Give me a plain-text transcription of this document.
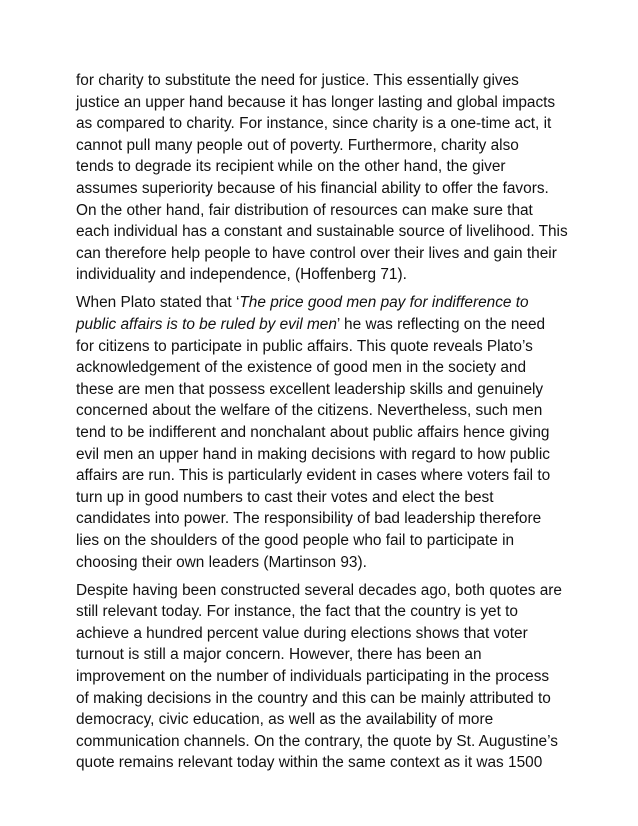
for charity to substitute the need for justice. This essentially gives
justice an upper hand because it has longer lasting and global impacts
as compared to charity. For instance, since charity is a one-time act, it
cannot pull many people out of poverty. Furthermore, charity also
tends to degrade its recipient while on the other hand, the giver
assumes superiority because of his financial ability to offer the favors.
On the other hand, fair distribution of resources can make sure that
each individual has a constant and sustainable source of livelihood. This
can therefore help people to have control over their lives and gain their
individuality and independence, (Hoffenberg 71).

When Plato stated that ‘The price good men pay for indifference to
public affairs is to be ruled by evil men’ he was reflecting on the need
for citizens to participate in public affairs. This quote reveals Plato’s
acknowledgement of the existence of good men in the society and
these are men that possess excellent leadership skills and genuinely
concerned about the welfare of the citizens. Nevertheless, such men
tend to be indifferent and nonchalant about public affairs hence giving
evil men an upper hand in making decisions with regard to how public
affairs are run. This is particularly evident in cases where voters fail to
turn up in good numbers to cast their votes and elect the best
candidates into power. The responsibility of bad leadership therefore
lies on the shoulders of the good people who fail to participate in
choosing their own leaders (Martinson 93).

Despite having been constructed several decades ago, both quotes are
still relevant today. For instance, the fact that the country is yet to
achieve a hundred percent value during elections shows that voter
turnout is still a major concern. However, there has been an
improvement on the number of individuals participating in the process
of making decisions in the country and this can be mainly attributed to
democracy, civic education, as well as the availability of more
communication channels. On the contrary, the quote by St. Augustine’s
quote remains relevant today within the same context as it was 1500
